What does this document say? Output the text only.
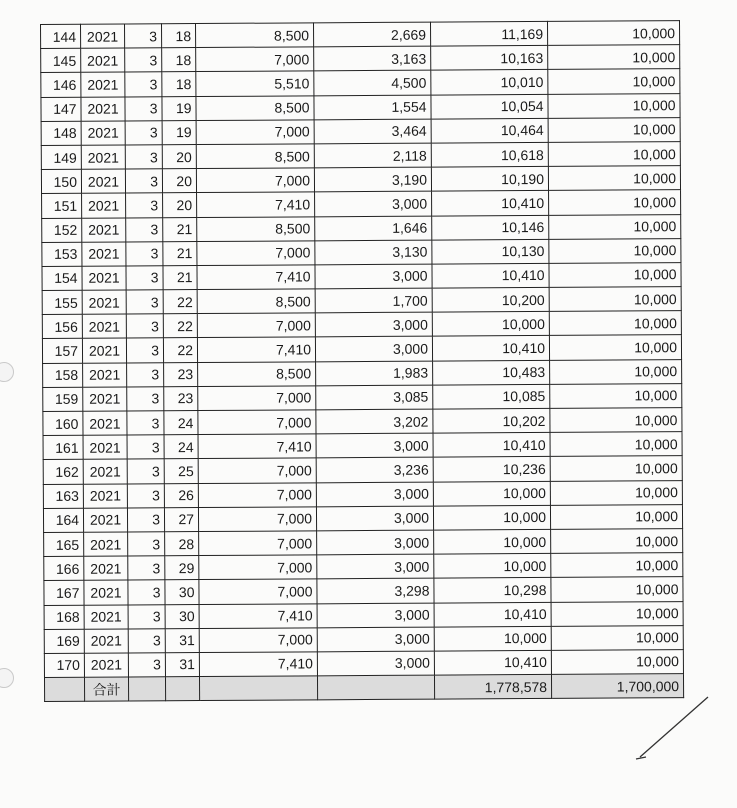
144	2021	3	18	8,500	2,669	11,169	10,000
145	2021	3	18	7,000	3,163	10,163	10,000
146	2021	3	18	5,510	4,500	10,010	10,000
147	2021	3	19	8,500	1,554	10,054	10,000
148	2021	3	19	7,000	3,464	10,464	10,000
149	2021	3	20	8,500	2,118	10,618	10,000
150	2021	3	20	7,000	3,190	10,190	10,000
151	2021	3	20	7,410	3,000	10,410	10,000
152	2021	3	21	8,500	1,646	10,146	10,000
153	2021	3	21	7,000	3,130	10,130	10,000
154	2021	3	21	7,410	3,000	10,410	10,000
155	2021	3	22	8,500	1,700	10,200	10,000
156	2021	3	22	7,000	3,000	10,000	10,000
157	2021	3	22	7,410	3,000	10,410	10,000
158	2021	3	23	8,500	1,983	10,483	10,000
159	2021	3	23	7,000	3,085	10,085	10,000
160	2021	3	24	7,000	3,202	10,202	10,000
161	2021	3	24	7,410	3,000	10,410	10,000
162	2021	3	25	7,000	3,236	10,236	10,000
163	2021	3	26	7,000	3,000	10,000	10,000
164	2021	3	27	7,000	3,000	10,000	10,000
165	2021	3	28	7,000	3,000	10,000	10,000
166	2021	3	29	7,000	3,000	10,000	10,000
167	2021	3	30	7,000	3,298	10,298	10,000
168	2021	3	30	7,410	3,000	10,410	10,000
169	2021	3	31	7,000	3,000	10,000	10,000
170	2021	3	31	7,410	3,000	10,410	10,000
	合計					1,778,578	1,700,000
